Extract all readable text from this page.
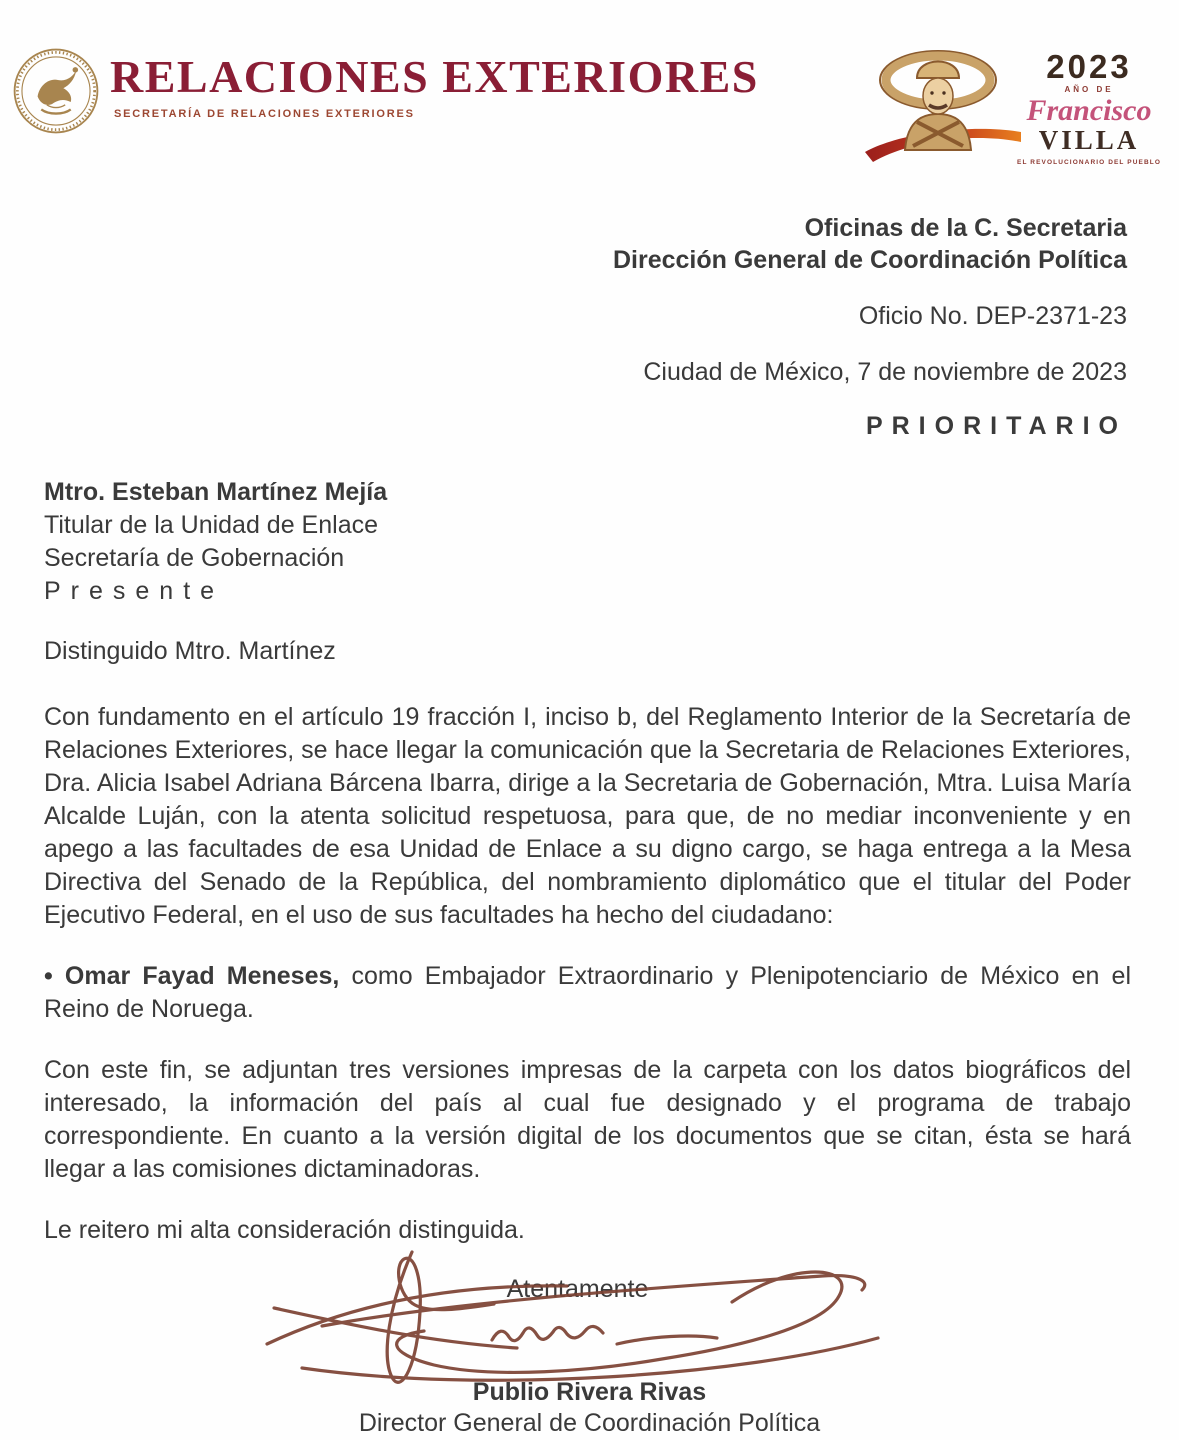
RELACIONES EXTERIORES
SECRETARÍA DE RELACIONES EXTERIORES
2023
AÑO DE
Francisco
VILLA
EL REVOLUCIONARIO DEL PUEBLO
Oficinas de la C. Secretaria
Dirección General de Coordinación Política
Oficio No. DEP-2371-23
Ciudad de México, 7 de noviembre de 2023
PRIORITARIO
Mtro. Esteban Martínez Mejía
Titular de la Unidad de Enlace
Secretaría de Gobernación
Presente
Distinguido Mtro. Martínez

Con fundamento en el artículo 19 fracción I, inciso b, del Reglamento Interior de la Secretaría de Relaciones Exteriores, se hace llegar la comunicación que la Secretaria de Relaciones Exteriores, Dra. Alicia Isabel Adriana Bárcena Ibarra, dirige a la Secretaria de Gobernación, Mtra. Luisa María Alcalde Luján, con la atenta solicitud respetuosa, para que, de no mediar inconveniente y en apego a las facultades de esa Unidad de Enlace a su digno cargo, se haga entrega a la Mesa Directiva del Senado de la República, del nombramiento diplomático que el titular del Poder Ejecutivo Federal, en el uso de sus facultades ha hecho del ciudadano:

• Omar Fayad Meneses, como Embajador Extraordinario y Plenipotenciario de México en el Reino de Noruega.

Con este fin, se adjuntan tres versiones impresas de la carpeta con los datos biográficos del interesado, la información del país al cual fue designado y el programa de trabajo correspondiente. En cuanto a la versión digital de los documentos que se citan, ésta se hará llegar a las comisiones dictaminadoras.

Le reitero mi alta consideración distinguida.

Atentamente
Publio Rivera Rivas
Director General de Coordinación Política
